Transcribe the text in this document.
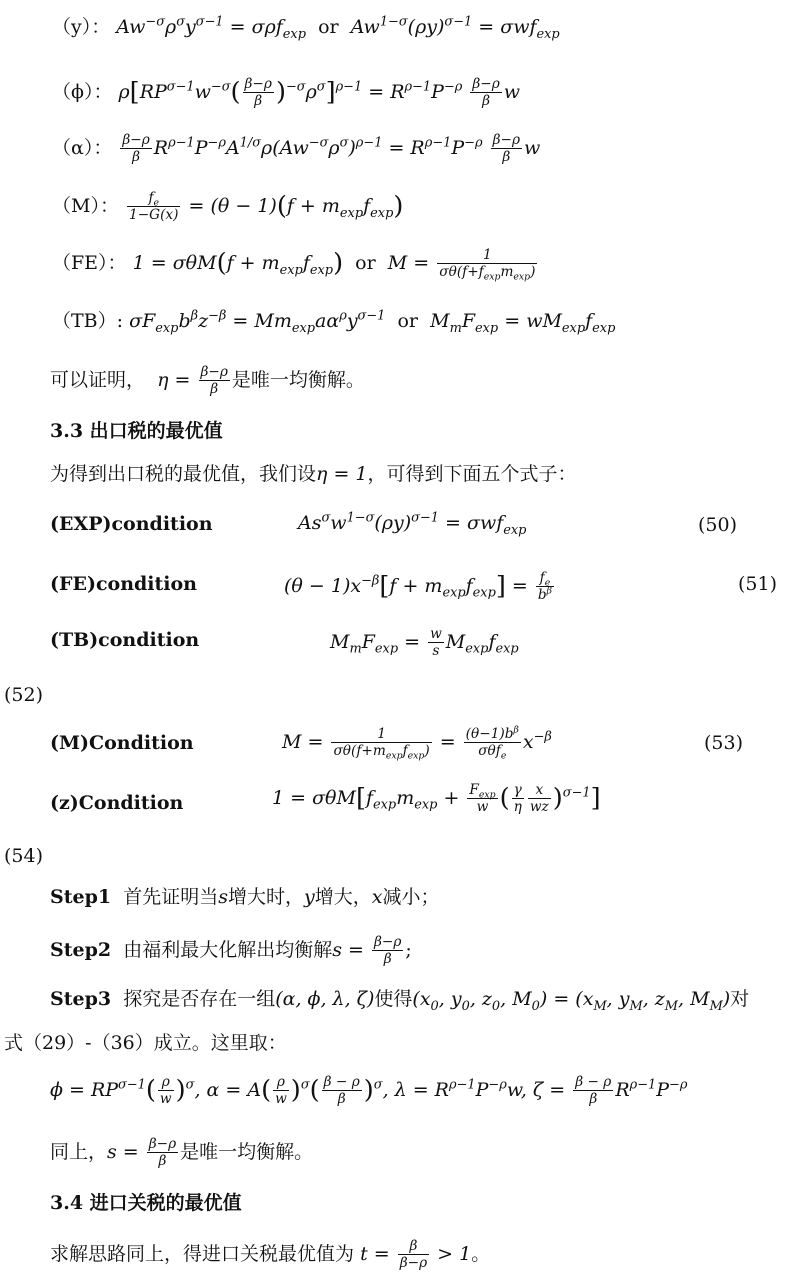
（y）： $Aw^{-\sigma}\rho^\sigma y^{\sigma-1} = \sigma\rho f_{exp}$ or $Aw^{1-\sigma}(\rho y)^{\sigma-1} = \sigma wf_{exp}$
（ϕ）： $\rho[RP^{\sigma-1}w^{-\sigma}( \frac{\beta-\rho}{\beta} )^{-\sigma}\rho^\sigma]^{\rho-1} = R^{\rho-1}P^{-\rho} \frac{\beta-\rho}{\beta}$ w
（α）： $\frac{\beta-\rho}{\beta} R^{\rho-1}P^{-\rho}A^{1/\sigma}\rho(Aw^{-\sigma}\rho^\sigma)^{\rho-1} = R^{\rho-1}P^{-\rho} \frac{\beta-\rho}{\beta}$ w
（M）： $\frac{f_e}{1-G(x)} = (\theta - 1)(f + m_{exp}f_{exp})$
（FE）： $1 = \sigma\theta M(f + m_{exp}f_{exp})$ or $M = \frac{1}{\sigma\theta(f+f_{exp}m_{exp})}$
（TB）: $\sigma F_{exp}b^\beta z^{-\beta} = Mm_{exp}a\alpha^\rho y^{\sigma-1}$ or $M_mF_{exp} = wM_{exp}f_{exp}$
可以证明， $\eta = \frac{\beta-\rho}{\beta}$ 是唯一均衡解。
3.3 出口税的最优值
为得到出口税的最优值，我们设η = 1，可得到下面五个式子：
(EXP)condition	$As^\sigma w^{1-\sigma}(\rho y)^{\sigma-1} = \sigma wf_{exp}$	(50)
(FE)condition	$(\theta - 1)x^{-\beta}[f + m_{exp}f_{exp}] = \frac{f_e}{b^\beta}$	(51)
(TB)condition	$M_mF_{exp} = \frac{w}{s} M_{exp}f_{exp}$
(52)
(M)Condition	$M = \frac{1}{\sigma\theta(f+m_{exp}f_{exp})} = \frac{(\theta-1)b^\beta}{\sigma\theta f_e} x^{-\beta}$	(53)
(z)Condition	$1 = \sigma\theta M[f_{exp}m_{exp} + \frac{F_{exp}}{w}$ ( $\frac{\gamma}{\eta} \frac{x}{wz} )^{\sigma-1}$]
(54)
Step1 首先证明当s增大时，y增大，x减小；
Step2 由福利最大化解出均衡解$s = \frac{\beta-\rho}{\beta}$ ;
Step3 探究是否存在一组(α, ϕ, λ, ζ)使得($x_0$, $y_0$, $z_0$, $M_0) = (x_M$, $y_M$, $z_M$, $M_M$)对
式（29）-（36）成立。这里取：
$\phi = RP^{\sigma-1}( \frac{\rho}{w} )^\sigma$, $\alpha = A( \frac{\rho}{w} )^\sigma( \frac{\beta - \rho}{\beta} )^\sigma$, $\lambda = R^{\rho-1}P^{-\rho}w$, $\zeta = \frac{\beta - \rho}{\beta} R^{\rho-1}P^{-\rho}$
同上，$s = \frac{\beta-\rho}{\beta}$ 是唯一均衡解。
3.4 进口关税的最优值
求解思路同上，得进口关税最优值为 $t = \frac{\beta}{\beta-\rho} > 1$。
